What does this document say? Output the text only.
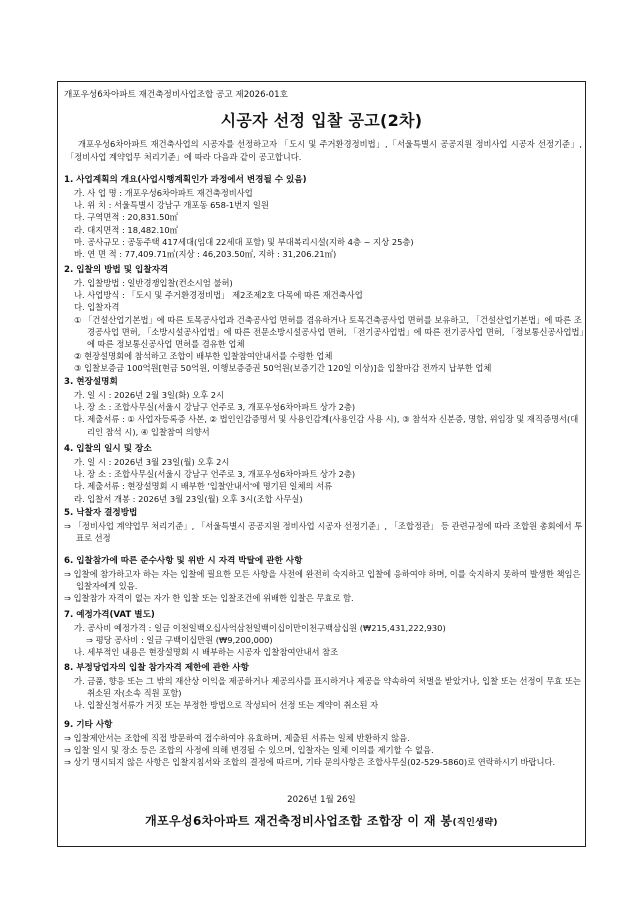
개포우성6차아파트 재건축정비사업조합 공고 제2026-01호
시공자 선정 입찰 공고(2차)
개포우성6차아파트 재건축사업의 시공자를 선정하고자 「도시 및 주거환경정비법」,「서울특별시 공공지원 정비사업 시공자 선정기준」,「정비사업 계약업무 처리기준」에 따라 다음과 같이 공고합니다.
1. 사업계획의 개요(사업시행계획인가 과정에서 변경될 수 있음)
가. 사 업 명 : 개포우성6차아파트 재건축정비사업
나. 위 치 : 서울특별시 강남구 개포동 658-1번지 일원
다. 구역면적 : 20,831.50㎡
라. 대지면적 : 18,482.10㎡
마. 공사규모 : 공동주택 417세대(임대 22세대 포함) 및 부대복리시설(지하 4층 ~ 지상 25층)
바. 연 면 적 : 77,409.71㎡(지상 : 46,203.50㎡, 지하 : 31,206.21㎡)
2. 입찰의 방법 및 입찰자격
가. 입찰방법 : 일반경쟁입찰(컨소시엄 불허)
나. 사업방식 : 「도시 및 주거환경정비법」 제2조제2호 다목에 따른 재건축사업
다. 입찰자격
① 「건설산업기본법」에 따른 토목공사업과 건축공사업 면허를 겸유하거나 토목건축공사업 면허를 보유하고, 「건설산업기본법」에 따른 조경공사업 면허, 「소방시설공사업법」에 따른 전문소방시설공사업 면허, 「전기공사업법」에 따른 전기공사업 면허, 「정보통신공사업법」에 따른 정보통신공사업 면허를 겸유한 업체
② 현장설명회에 참석하고 조합이 배부한 입찰참여안내서를 수령한 업체
③ 입찰보증금 100억원[현금 50억원, 이행보증증권 50억원(보증기간 120일 이상)]을 입찰마감 전까지 납부한 업체
3. 현장설명회
가. 일 시 : 2026년 2월 3일(화) 오후 2시
나. 장 소 : 조합사무실(서울시 강남구 언주로 3, 개포우성6차아파트 상가 2층)
다. 제출서류 : ① 사업자등록증 사본, ② 법인인감증명서 및 사용인감계(사용인감 사용 시), ③ 참석자 신분증, 명함, 위임장 및 재직증명서(대리인 참석 시), ④ 입찰참여 의향서
4. 입찰의 일시 및 장소
가. 일 시 : 2026년 3월 23일(월) 오후 2시
나. 장 소 : 조합사무실(서울시 강남구 언주로 3, 개포우성6차아파트 상가 2층)
다. 제출서류 : 현장설명회 시 배부한 '입찰안내서'에 명기된 일체의 서류
라. 입찰서 개봉 : 2026년 3월 23일(월) 오후 3시(조합 사무실)
5. 낙찰자 결정방법
⇒ 「정비사업 계약업무 처리기준」, 「서울특별시 공공지원 정비사업 시공자 선정기준」, 「조합정관」 등 관련규정에 따라 조합원 총회에서 투표로 선정
6. 입찰참가에 따른 준수사항 및 위반 시 자격 박탈에 관한 사항
⇒ 입찰에 참가하고자 하는 자는 입찰에 필요한 모든 사항을 사전에 완전히 숙지하고 입찰에 응하여야 하며, 이를 숙지하지 못하여 발생한 책임은 입찰자에게 있음.
⇒ 입찰참가 자격이 없는 자가 한 입찰 또는 입찰조건에 위배한 입찰은 무효로 함.
7. 예정가격(VAT 별도)
가. 공사비 예정가격 : 일금 이천일백오십사억삼천일백이십이만이천구백삼십원 (₩215,431,222,930)
⇒ 평당 공사비 : 일금 구백이십만원 (₩9,200,000)
나. 세부적인 내용은 현장설명회 시 배부하는 시공자 입찰참여안내서 참조
8. 부정당업자의 입찰 참가자격 제한에 관한 사항
가. 금품, 향응 또는 그 밖의 재산상 이익을 제공하거나 제공의사를 표시하거나 제공을 약속하여 처벌을 받았거나, 입찰 또는 선정이 무효 또는 취소된 자(소속 직원 포함)
나. 입찰신청서류가 거짓 또는 부정한 방법으로 작성되어 선정 또는 계약이 취소된 자
9. 기타 사항
⇒ 입찰제안서는 조합에 직접 방문하여 접수하여야 유효하며, 제출된 서류는 일체 반환하지 않음.
⇒ 입찰 일시 및 장소 등은 조합의 사정에 의해 변경될 수 있으며, 입찰자는 일체 이의를 제기할 수 없음.
⇒ 상기 명시되지 않은 사항은 입찰지침서와 조합의 결정에 따르며, 기타 문의사항은 조합사무실(02-529-5860)로 연락하시기 바랍니다.
2026년 1월 26일
개포우성6차아파트 재건축정비사업조합 조합장 이 재 봉(직인생략)
